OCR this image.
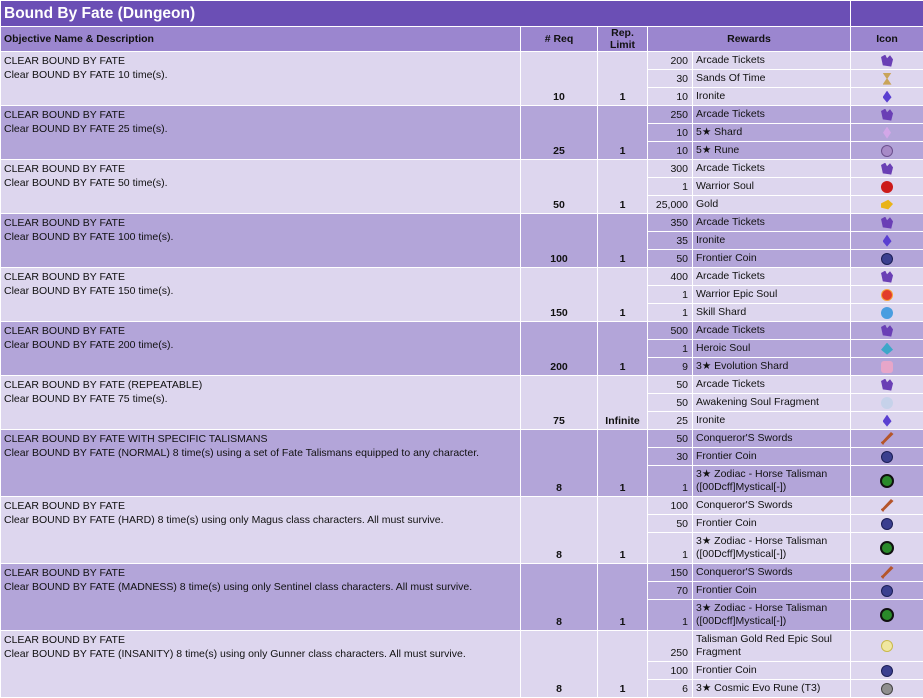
Bound By Fate (Dungeon)					
Objective Name & Description	# Req	Rep. Limit	Rewards		Icon

CLEAR BOUND BY FATE
Clear BOUND BY FATE 10 time(s).	10	1	200	Arcade Tickets	
			30	Sands Of Time	
			10	Ironite	

CLEAR BOUND BY FATE
Clear BOUND BY FATE 25 time(s).	25	1	250	Arcade Tickets	
			10	5★ Shard	
			10	5★ Rune	

CLEAR BOUND BY FATE
Clear BOUND BY FATE 50 time(s).	50	1	300	Arcade Tickets	
			1	Warrior Soul	
			25,000	Gold	

CLEAR BOUND BY FATE
Clear BOUND BY FATE 100 time(s).	100	1	350	Arcade Tickets	
			35	Ironite	
			50	Frontier Coin	

CLEAR BOUND BY FATE
Clear BOUND BY FATE 150 time(s).	150	1	400	Arcade Tickets	
			1	Warrior Epic Soul	
			1	Skill Shard	

CLEAR BOUND BY FATE
Clear BOUND BY FATE 200 time(s).	200	1	500	Arcade Tickets	
			1	Heroic Soul	
			9	3★ Evolution Shard	

CLEAR BOUND BY FATE (REPEATABLE)
Clear BOUND BY FATE 75 time(s).	75	Infinite	50	Arcade Tickets	
			50	Awakening Soul Fragment	
			25	Ironite	

CLEAR BOUND BY FATE WITH SPECIFIC TALISMANS
Clear BOUND BY FATE (NORMAL) 8 time(s) using a set of Fate Talismans equipped to any character.	8	1	50	Conqueror'S Swords	
			30	Frontier Coin	
			1	3★ Zodiac - Horse Talisman ([00Dcff]Mystical[-])	

CLEAR BOUND BY FATE
Clear BOUND BY FATE (HARD) 8 time(s) using only Magus class characters. All must survive.	8	1	100	Conqueror'S Swords	
			50	Frontier Coin	
			1	3★ Zodiac - Horse Talisman ([00Dcff]Mystical[-])	

CLEAR BOUND BY FATE
Clear BOUND BY FATE (MADNESS) 8 time(s) using only Sentinel class characters. All must survive.	8	1	150	Conqueror'S Swords	
			70	Frontier Coin	
			1	3★ Zodiac - Horse Talisman ([00Dcff]Mystical[-])	

CLEAR BOUND BY FATE
Clear BOUND BY FATE (INSANITY) 8 time(s) using only Gunner class characters. All must survive.	8	1	250	Talisman Gold Red Epic Soul Fragment	
			100	Frontier Coin	
			6	3★ Cosmic Evo Rune (T3)	
